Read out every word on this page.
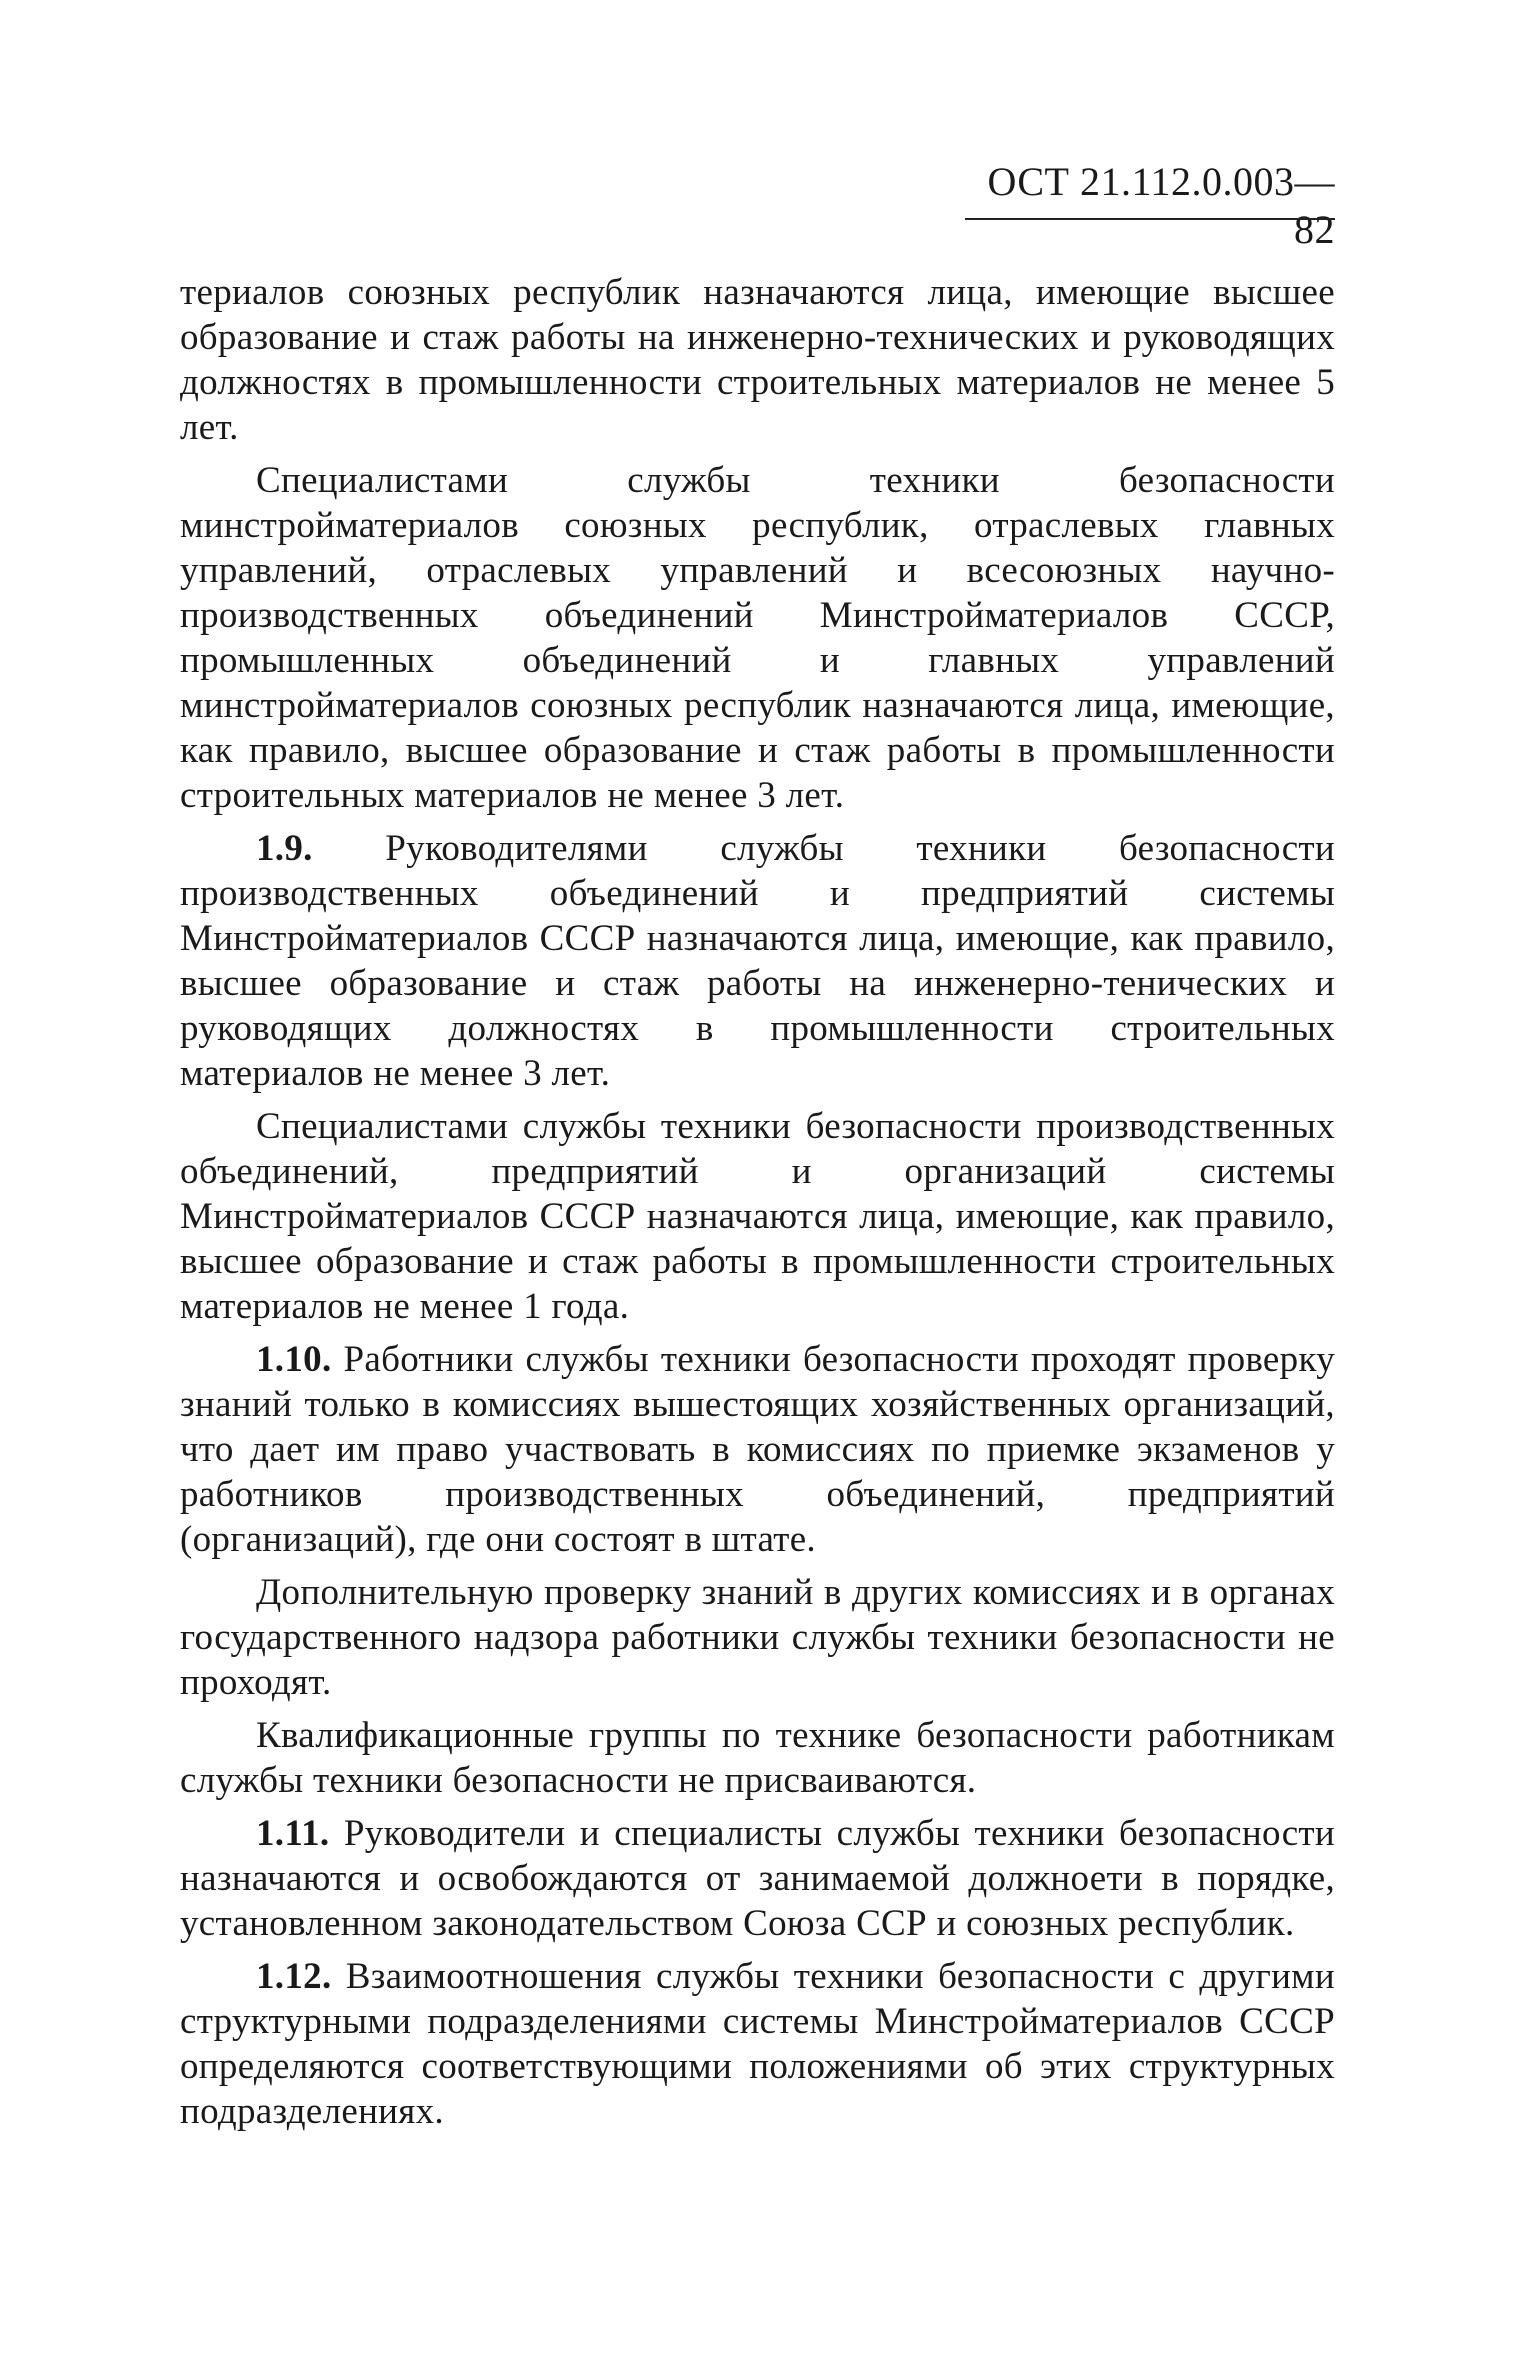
ОСТ 21.112.0.003—82

териалов союзных республик назначаются лица, имеющие высшее образование и стаж работы на инженерно-технических и руководящих должностях в промышленности строительных материалов не менее 5 лет.

Специалистами службы техники безопасности минстройматериалов союзных республик, отраслевых главных управлений, отраслевых управлений и всесоюзных научно-производственных объединений Минстройматериалов СССР, промышленных объединений и главных управлений минстройматериалов союзных республик назначаются лица, имеющие, как правило, высшее образование и стаж работы в промышленности строительных материалов не менее 3 лет.

1.9. Руководителями службы техники безопасности производственных объединений и предприятий системы Минстройматериалов СССР назначаются лица, имеющие, как правило, высшее образование и стаж работы на инженерно-тенических и руководящих должностях в промышленности строительных материалов не менее 3 лет.

Специалистами службы техники безопасности производственных объединений, предприятий и организаций системы Минстройматериалов СССР назначаются лица, имеющие, как правило, высшее образование и стаж работы в промышленности строительных материалов не менее 1 года.

1.10. Работники службы техники безопасности проходят проверку знаний только в комиссиях вышестоящих хозяйственных организаций, что дает им право участвовать в комиссиях по приемке экзаменов у работников производственных объединений, предприятий (организаций), где они состоят в штате.

Дополнительную проверку знаний в других комиссиях и в органах государственного надзора работники службы техники безопасности не проходят.

Квалификационные группы по технике безопасности работникам службы техники безопасности не присваиваются.

1.11. Руководители и специалисты службы техники безопасности назначаются и освобождаются от занимаемой должноети в порядке, установленном законодательством Союза ССР и союзных республик.

1.12. Взаимоотношения службы техники безопасности с другими структурными подразделениями системы Минстройматериалов СССР определяются соответствующими положениями об этих структурных подразделениях.
